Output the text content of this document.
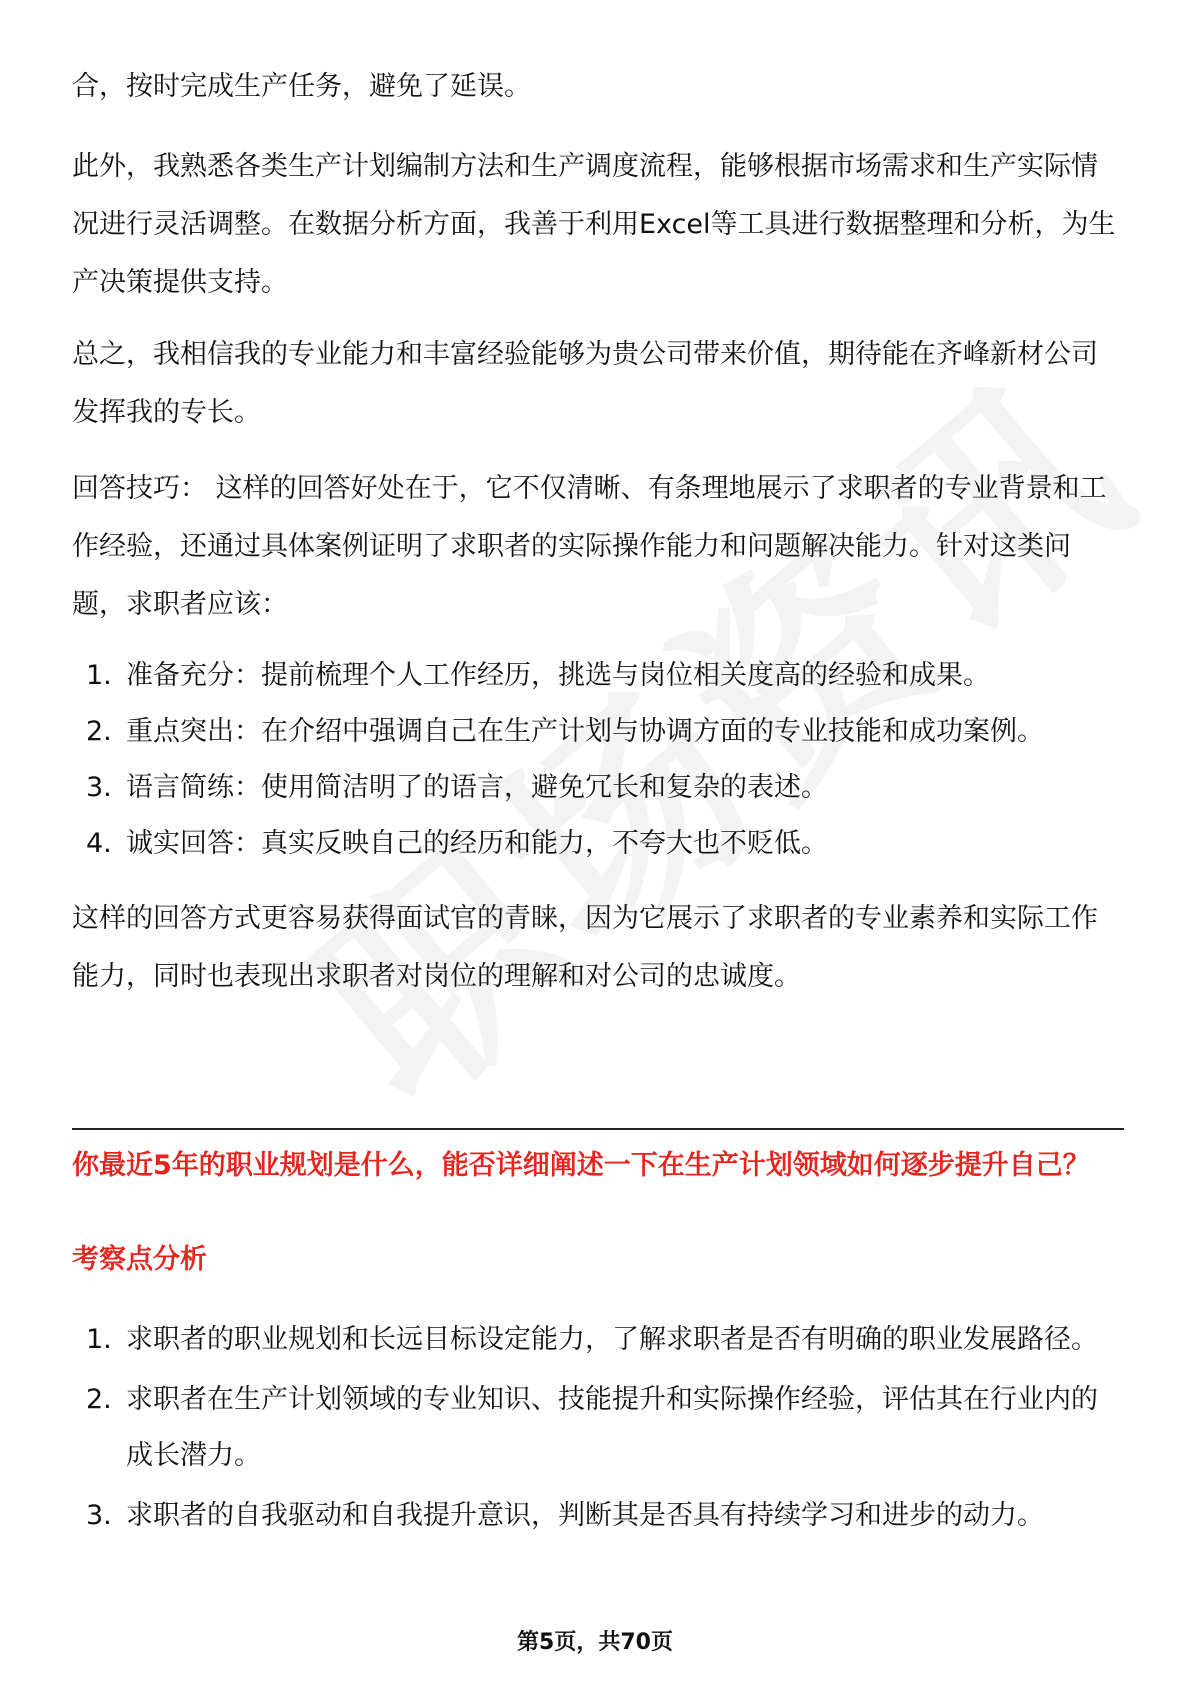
合，按时完成生产任务，避免了延误。

此外，我熟悉各类生产计划编制方法和生产调度流程，能够根据市场需求和生产实际情况进行灵活调整。在数据分析方面，我善于利用Excel等工具进行数据整理和分析，为生产决策提供支持。

总之，我相信我的专业能力和丰富经验能够为贵公司带来价值，期待能在齐峰新材公司发挥我的专长。

回答技巧： 这样的回答好处在于，它不仅清晰、有条理地展示了求职者的专业背景和工作经验，还通过具体案例证明了求职者的实际操作能力和问题解决能力。针对这类问题，求职者应该：

1. 准备充分：提前梳理个人工作经历，挑选与岗位相关度高的经验和成果。
2. 重点突出：在介绍中强调自己在生产计划与协调方面的专业技能和成功案例。
3. 语言简练：使用简洁明了的语言，避免冗长和复杂的表述。
4. 诚实回答：真实反映自己的经历和能力，不夸大也不贬低。

这样的回答方式更容易获得面试官的青睐，因为它展示了求职者的专业素养和实际工作能力，同时也表现出求职者对岗位的理解和对公司的忠诚度。

你最近5年的职业规划是什么，能否详细阐述一下在生产计划领域如何逐步提升自己？

考察点分析

1. 求职者的职业规划和长远目标设定能力，了解求职者是否有明确的职业发展路径。
2. 求职者在生产计划领域的专业知识、技能提升和实际操作经验，评估其在行业内的成长潜力。
3. 求职者的自我驱动和自我提升意识，判断其是否具有持续学习和进步的动力。
第5页，共70页
